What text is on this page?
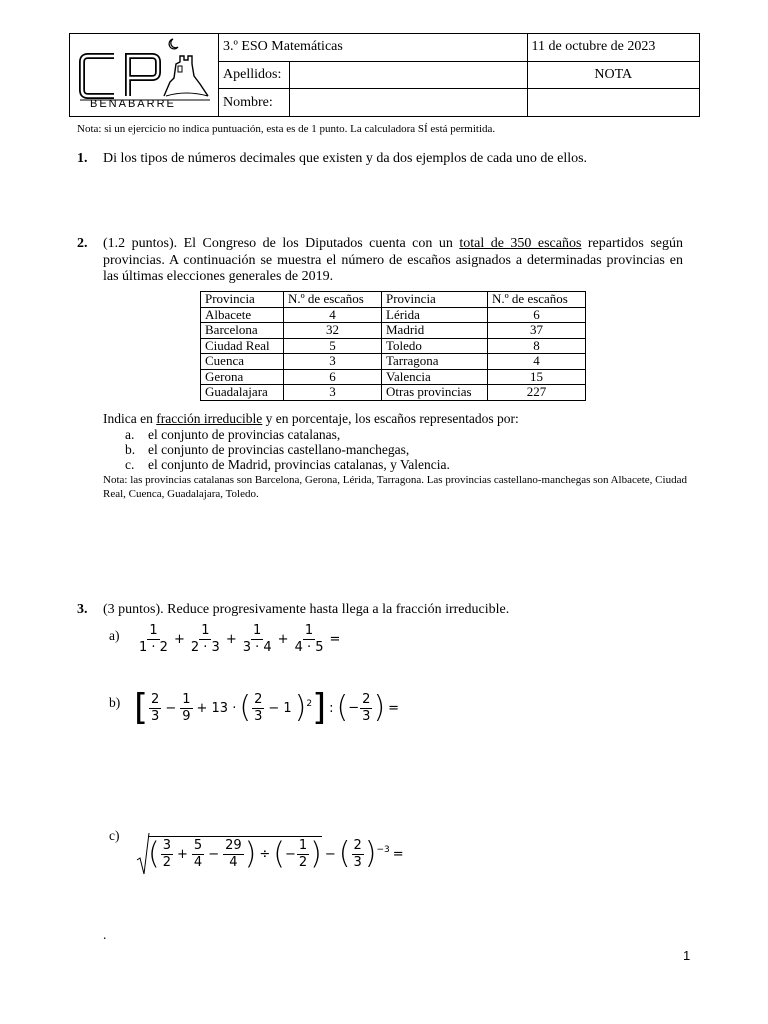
BENABARRE
3.º ESO Matemáticas		11 de octubre de 2023
Apellidos:		NOTA
Nombre:		
Nota: si un ejercicio no indica puntuación, esta es de 1 punto. La calculadora SÍ está permitida.
1. Di los tipos de números decimales que existen y da dos ejemplos de cada uno de ellos.
2. (1.2 puntos). El Congreso de los Diputados cuenta con un total de 350 escaños repartidos según provincias. A continuación se muestra el número de escaños asignados a determinadas provincias en las últimas elecciones generales de 2019.
Provincia	N.º de escaños	Provincia	N.º de escaños
Albacete	4	Lérida	6
Barcelona	32	Madrid	37
Ciudad Real	5	Toledo	8
Cuenca	3	Tarragona	4
Gerona	6	Valencia	15
Guadalajara	3	Otras provincias	227
Indica en fracción irreducible y en porcentaje, los escaños representados por:
a. el conjunto de provincias catalanas,
b. el conjunto de provincias castellano-manchegas,
c. el conjunto de Madrid, provincias catalanas, y Valencia.
Nota: las provincias catalanas son Barcelona, Gerona, Lérida, Tarragona. Las provincias castellano-manchegas son Albacete, Ciudad Real, Cuenca, Guadalajara, Toledo.
3. (3 puntos). Reduce progresivamente hasta llega a la fracción irreducible.
$a) \frac{1}{1 \cdot 2} + \frac{1}{2 \cdot 3} + \frac{1}{3 \cdot 4} + \frac{1}{4 \cdot 5}$ =
b) [ $\frac{2}{3} - \frac{1}{9} + 13$ · ( $\frac{2}{3} - 1$ )$^2$] : (− $\frac{2}{3}$ ) =
c)
( $\frac{3}{2} + \frac{5}{4} - \frac{29}{4}$ ) ÷ (− $\frac{1}{2}$ ) − ( $\frac{2}{3} )^{-3}$ =
.
1
